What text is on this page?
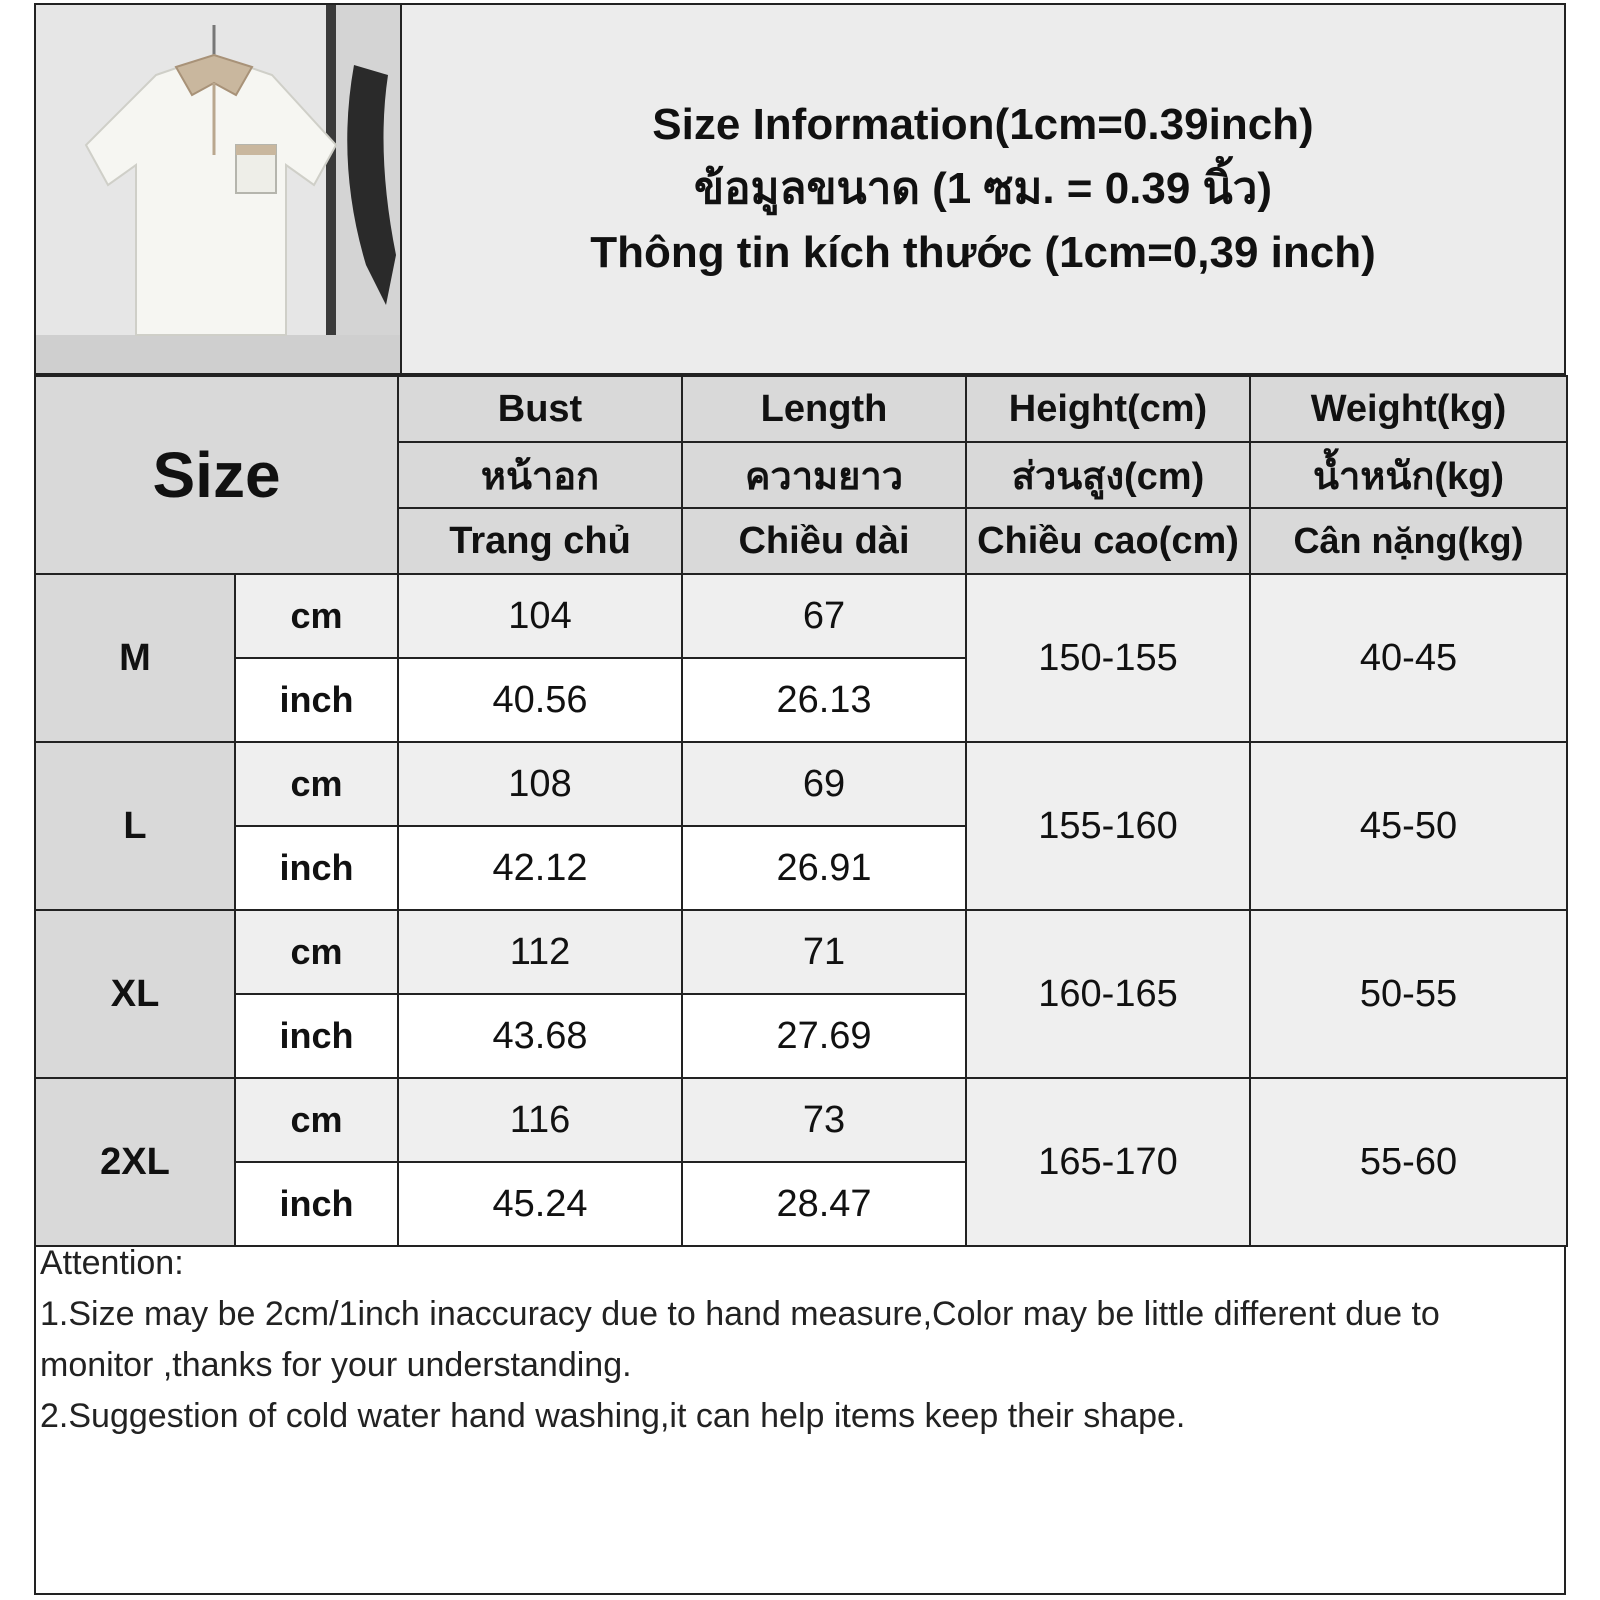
Size Information(1cm=0.39inch)
ข้อมูลขนาด (1 ซม. = 0.39 นิ้ว)
Thông tin kích thước (1cm=0,39 inch)
Size		Bust	Length	Height(cm)	Weight(kg)
		หน้าอก	ความยาว	ส่วนสูง(cm)	น้ำหนัก(kg)
		Trang chủ	Chiều dài	Chiều cao(cm)	Cân nặng(kg)
M	cm	104	67	150-155	40-45
	inch	40.56	26.13		
L	cm	108	69	155-160	45-50
	inch	42.12	26.91		
XL	cm	112	71	160-165	50-55
	inch	43.68	27.69		
2XL	cm	116	73	165-170	55-60
	inch	45.24	28.47		

Attention:

1.Size may be 2cm/1inch inaccuracy due to hand measure,Color may be little different due to monitor ,thanks for your understanding.

2.Suggestion of cold water hand washing,it can help items keep their shape.
